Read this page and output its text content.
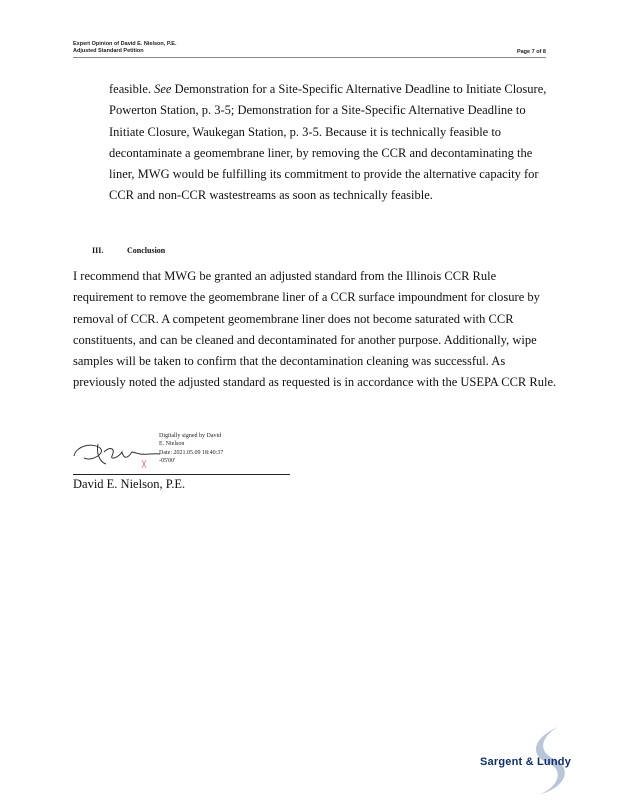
Expert Opinion of David E. Nielson, P.E.
Adjusted Standard Petition	Page 7 of 8
feasible. See Demonstration for a Site-Specific Alternative Deadline to Initiate Closure, Powerton Station, p. 3-5; Demonstration for a Site-Specific Alternative Deadline to Initiate Closure, Waukegan Station, p. 3-5. Because it is technically feasible to decontaminate a geomembrane liner, by removing the CCR and decontaminating the liner, MWG would be fulfilling its commitment to provide the alternative capacity for CCR and non-CCR wastestreams as soon as technically feasible.
III.	Conclusion
I recommend that MWG be granted an adjusted standard from the Illinois CCR Rule requirement to remove the geomembrane liner of a CCR surface impoundment for closure by removal of CCR. A competent geomembrane liner does not become saturated with CCR constituents, and can be cleaned and decontaminated for another purpose. Additionally, wipe samples will be taken to confirm that the decontamination cleaning was successful. As previously noted the adjusted standard as requested is in accordance with the USEPA CCR Rule.
Digitally signed by David
E. Nielson
Date: 2021.05.09 18:40:37
-05'00'
David E. Nielson, P.E.
Sargent & Lundy
